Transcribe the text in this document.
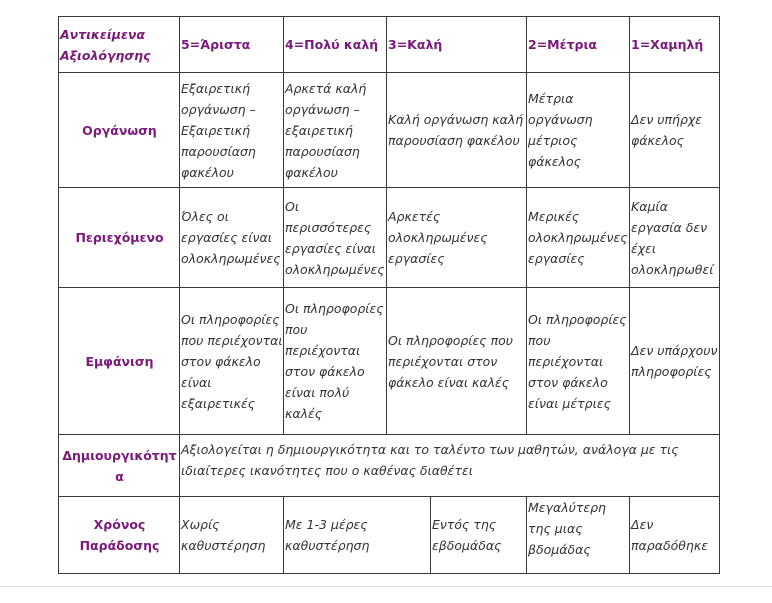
Αντικείμενα Αξιολόγησης	5=Άριστα	4=Πολύ καλή	3=Καλή		2=Μέτρια	1=Χαμηλή
Οργάνωση	Εξαιρετική οργάνωση – Εξαιρετική παρουσίαση φακέλου	Αρκετά καλή οργάνωση – εξαιρετική παρουσίαση φακέλου	Καλή οργάνωση καλή παρουσίαση φακέλου		Μέτρια οργάνωση μέτριος φάκελος	Δεν υπήρχε φάκελος
Περιεχόμενο	Όλες οι εργασίες είναι ολοκληρωμένες	Οι περισσότερες εργασίες είναι ολοκληρωμένες	Αρκετές ολοκληρωμένες εργασίες		Μερικές ολοκληρωμένες εργασίες	Καμία εργασία δεν έχει ολοκληρωθεί
Εμφάνιση	Οι πληροφορίες που περιέχονται στον φάκελο είναι εξαιρετικές	Οι πληροφορίες που περιέχονται στον φάκελο είναι πολύ καλές	Οι πληροφορίες που περιέχονται στον φάκελο είναι καλές		Οι πληροφορίες που περιέχονται στον φάκελο είναι μέτριες	Δεν υπάρχουν πληροφορίες
Δημιουργικότητα	Αξιολογείται η δημιουργικότητα και το ταλέντο των μαθητών, ανάλογα με τις ιδιαίτερες ικανότητες που ο καθένας διαθέτει					
Χρόνος Παράδοσης	Χωρίς καθυστέρηση	Με 1-3 μέρες καθυστέρηση		Εντός της εβδομάδας	Μεγαλύτερη της μιας βδομάδας	Δεν παραδόθηκε
